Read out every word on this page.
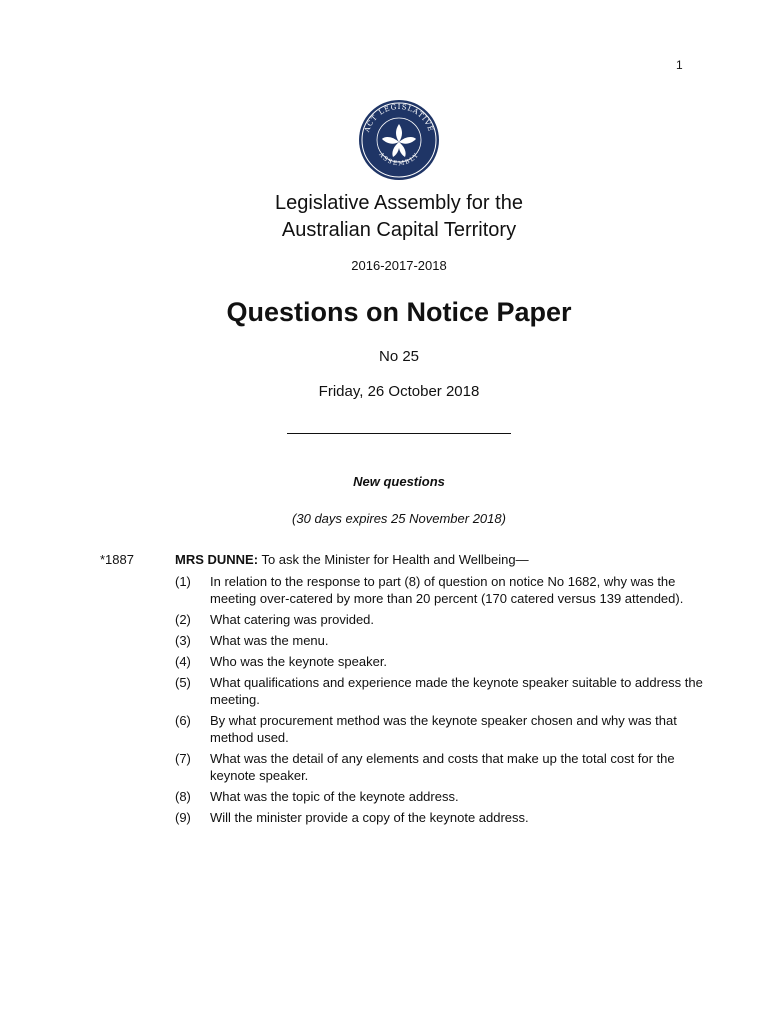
1
ACT LEGISLATIVE
ASSEMBLY
Legislative Assembly for the
Australian Capital Territory
2016-2017-2018
Questions on Notice Paper
No 25
Friday, 26 October 2018
New questions
(30 days expires 25 November 2018)
*1887	MRS DUNNE: To ask the Minister for Health and Wellbeing—
(1) In relation to the response to part (8) of question on notice No 1682, why was the meeting over-catered by more than 20 percent (170 catered versus 139 attended).
(2) What catering was provided.
(3) What was the menu.
(4) Who was the keynote speaker.
(5) What qualifications and experience made the keynote speaker suitable to address the meeting.
(6) By what procurement method was the keynote speaker chosen and why was that method used.
(7) What was the detail of any elements and costs that make up the total cost for the keynote speaker.
(8) What was the topic of the keynote address.
(9) Will the minister provide a copy of the keynote address.
